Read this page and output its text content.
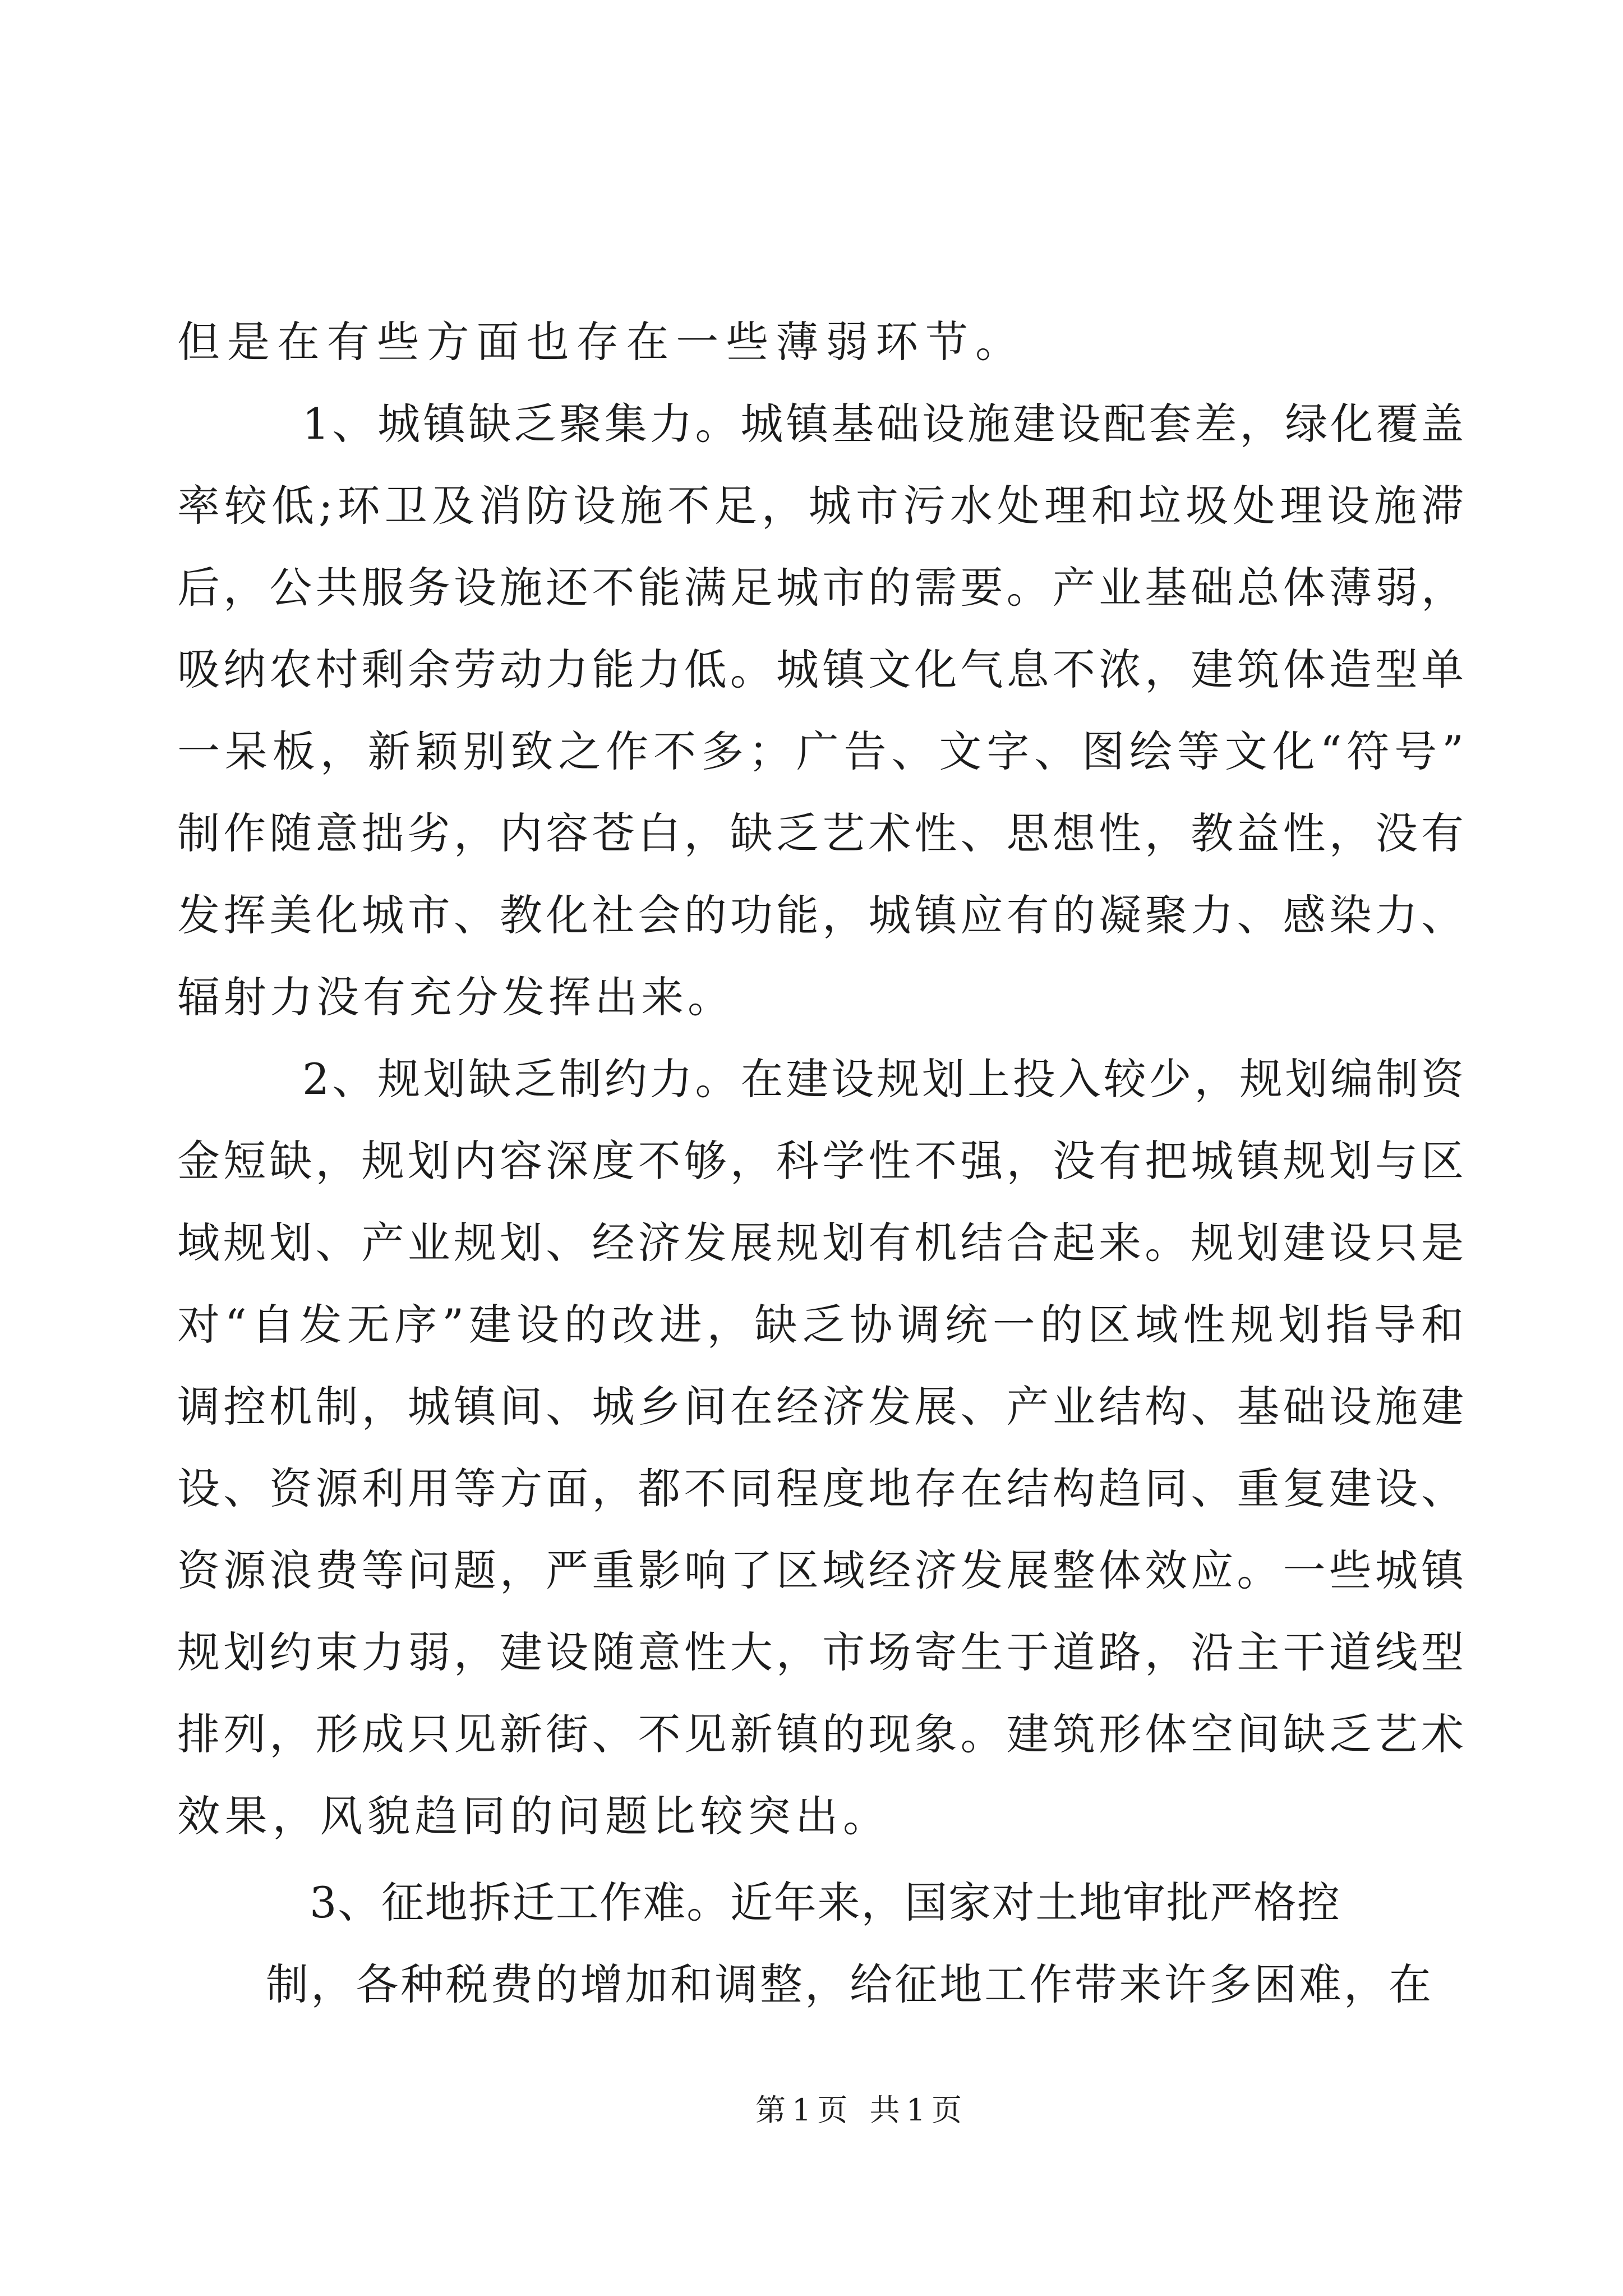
但是在有些方面也存在一些薄弱环节。
1、城镇缺乏聚集力。城镇基础设施建设配套差，绿化覆盖
率较低;环卫及消防设施不足，城市污水处理和垃圾处理设施滞
后，公共服务设施还不能满足城市的需要。产业基础总体薄弱，
吸纳农村剩余劳动力能力低。城镇文化气息不浓，建筑体造型单
一呆板，新颖别致之作不多；广告、文字、图绘等文化“符号”
制作随意拙劣，内容苍白，缺乏艺术性、思想性，教益性，没有
发挥美化城市、教化社会的功能，城镇应有的凝聚力、感染力、
辐射力没有充分发挥出来。
2、规划缺乏制约力。在建设规划上投入较少，规划编制资
金短缺，规划内容深度不够，科学性不强，没有把城镇规划与区
域规划、产业规划、经济发展规划有机结合起来。规划建设只是
对“自发无序”建设的改进，缺乏协调统一的区域性规划指导和
调控机制，城镇间、城乡间在经济发展、产业结构、基础设施建
设、资源利用等方面，都不同程度地存在结构趋同、重复建设、
资源浪费等问题，严重影响了区域经济发展整体效应。一些城镇
规划约束力弱，建设随意性大，市场寄生于道路，沿主干道线型
排列，形成只见新街、不见新镇的现象。建筑形体空间缺乏艺术
效果，风貌趋同的问题比较突出。
3、征地拆迁工作难。近年来，国家对土地审批严格控
制，各种税费的增加和调整，给征地工作带来许多困难，在
第1页 共1页
